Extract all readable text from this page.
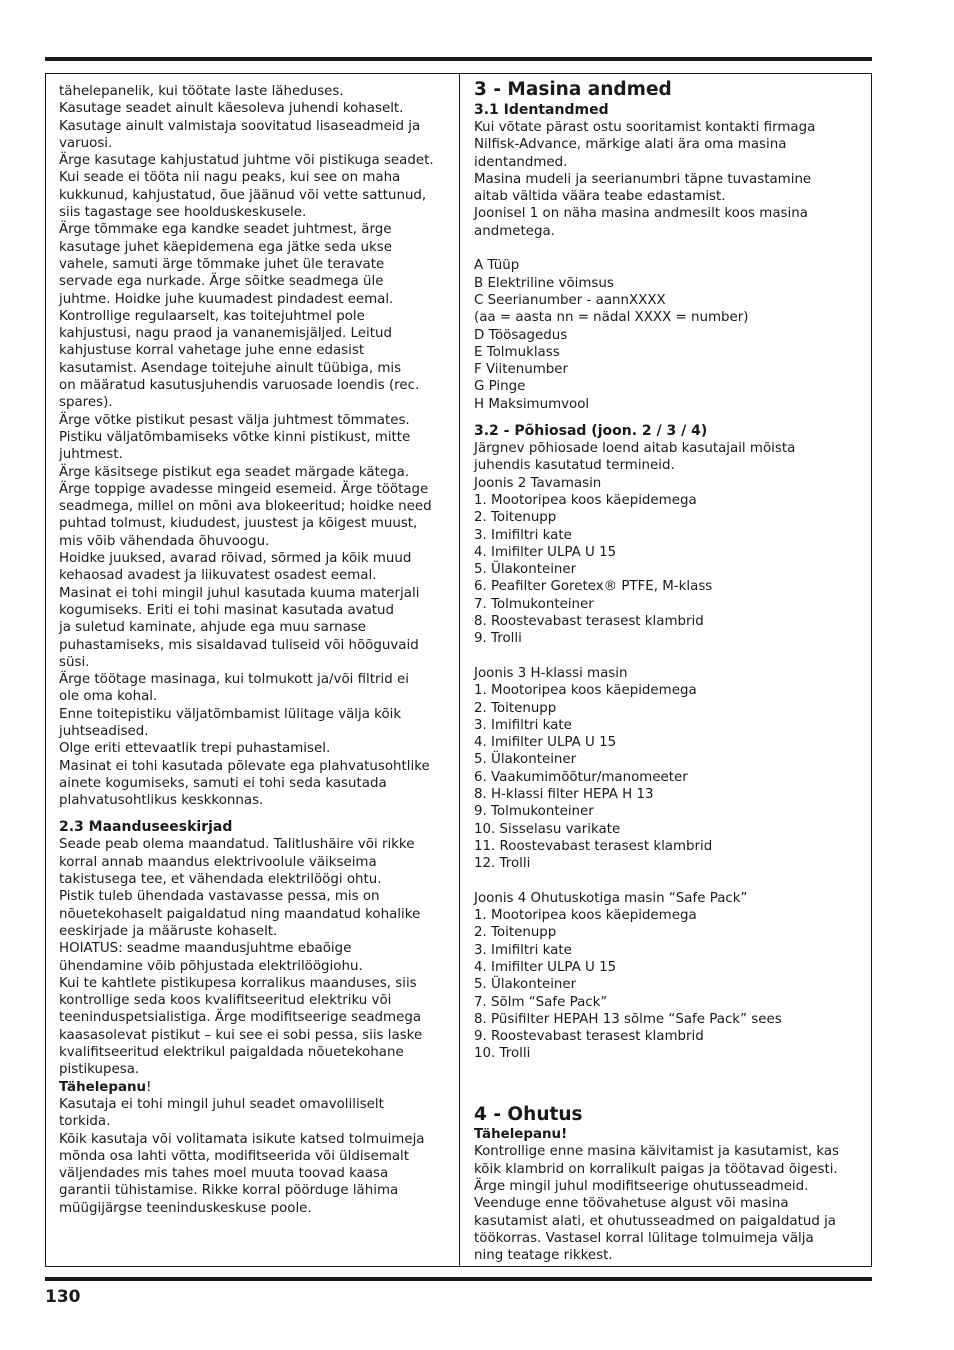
tähelepanelik, kui töötate laste läheduses.
Kasutage seadet ainult käesoleva juhendi kohaselt.
Kasutage ainult valmistaja soovitatud lisaseadmeid ja
varuosi.
Ärge kasutage kahjustatud juhtme või pistikuga seadet.
Kui seade ei tööta nii nagu peaks, kui see on maha
kukkunud, kahjustatud, õue jäänud või vette sattunud,
siis tagastage see hoolduskeskusele.
Ärge tõmmake ega kandke seadet juhtmest, ärge
kasutage juhet käepidemena ega jätke seda ukse
vahele, samuti ärge tõmmake juhet üle teravate
servade ega nurkade. Ärge sõitke seadmega üle
juhtme. Hoidke juhe kuumadest pindadest eemal.
Kontrollige regulaarselt, kas toitejuhtmel pole
kahjustusi, nagu praod ja vananemisjäljed. Leitud
kahjustuse korral vahetage juhe enne edasist
kasutamist. Asendage toitejuhe ainult tüübiga, mis
on määratud kasutusjuhendis varuosade loendis (rec.
spares).
Ärge võtke pistikut pesast välja juhtmest tõmmates.
Pistiku väljatõmbamiseks võtke kinni pistikust, mitte
juhtmest.
Ärge käsitsege pistikut ega seadet märgade kätega.
Ärge toppige avadesse mingeid esemeid. Ärge töötage
seadmega, millel on mõni ava blokeeritud; hoidke need
puhtad tolmust, kiududest, juustest ja kõigest muust,
mis võib vähendada õhuvoogu.
Hoidke juuksed, avarad rõivad, sõrmed ja kõik muud
kehaosad avadest ja liikuvatest osadest eemal.
Masinat ei tohi mingil juhul kasutada kuuma materjali
kogumiseks. Eriti ei tohi masinat kasutada avatud
ja suletud kaminate, ahjude ega muu sarnase
puhastamiseks, mis sisaldavad tuliseid või hõõguvaid
süsi.
Ärge töötage masinaga, kui tolmukott ja/või filtrid ei
ole oma kohal.
Enne toitepistiku väljatõmbamist lülitage välja kõik
juhtseadised.
Olge eriti ettevaatlik trepi puhastamisel.
Masinat ei tohi kasutada põlevate ega plahvatusohtlike
ainete kogumiseks, samuti ei tohi seda kasutada
plahvatusohtlikus keskkonnas.
2.3 Maanduseeskirjad
Seade peab olema maandatud. Talitlushäire või rikke
korral annab maandus elektrivoolule väikseima
takistusega tee, et vähendada elektrilöögi ohtu.
Pistik tuleb ühendada vastavasse pessa, mis on
nõuetekohaselt paigaldatud ning maandatud kohalike
eeskirjade ja määruste kohaselt.
HOIATUS: seadme maandusjuhtme ebaõige
ühendamine võib põhjustada elektrilöögiohu.
Kui te kahtlete pistikupesa korralikus maanduses, siis
kontrollige seda koos kvalifitseeritud elektriku või
teeninduspetsialistiga. Ärge modifitseerige seadmega
kaasasolevat pistikut – kui see ei sobi pessa, siis laske
kvalifitseeritud elektrikul paigaldada nõuetekohane
pistikupesa.
Tähelepanu!
Kasutaja ei tohi mingil juhul seadet omavoliliselt
torkida.
Kõik kasutaja või volitamata isikute katsed tolmuimeja
mõnda osa lahti võtta, modifitseerida või üldisemalt
väljendades mis tahes moel muuta toovad kaasa
garantii tühistamise. Rikke korral pöörduge lähima
müügijärgse teeninduskeskuse poole.
3 - Masina andmed
3.1 Identandmed
Kui võtate pärast ostu sooritamist kontakti firmaga
Nilfisk-Advance, märkige alati ära oma masina
identandmed.
Masina mudeli ja seerianumbri täpne tuvastamine
aitab vältida väära teabe edastamist.
Joonisel 1 on näha masina andmesilt koos masina
andmetega.
A Tüüp
B Elektriline võimsus
C Seerianumber - aannXXXX
(aa = aasta nn = nädal XXXX = number)
D Töösagedus
E Tolmuklass
F Viitenumber
G Pinge
H Maksimumvool
3.2 - Põhiosad (joon. 2 / 3 / 4)
Järgnev põhiosade loend aitab kasutajail mõista
juhendis kasutatud termineid.
Joonis 2 Tavamasin
1. Mootoripea koos käepidemega
2. Toitenupp
3. Imifiltri kate
4. Imifilter ULPA U 15
5. Ülakonteiner
6. Peafilter Goretex® PTFE, M-klass
7. Tolmukonteiner
8. Roostevabast terasest klambrid
9. Trolli
Joonis 3 H-klassi masin
1. Mootoripea koos käepidemega
2. Toitenupp
3. Imifiltri kate
4. Imifilter ULPA U 15
5. Ülakonteiner
6. Vaakumimõõtur/manomeeter
8. H-klassi filter HEPA H 13
9. Tolmukonteiner
10. Sisselasu varikate
11. Roostevabast terasest klambrid
12. Trolli
Joonis 4 Ohutuskotiga masin “Safe Pack”
1. Mootoripea koos käepidemega
2. Toitenupp
3. Imifiltri kate
4. Imifilter ULPA U 15
5. Ülakonteiner
7. Sõlm “Safe Pack”
8. Püsifilter HEPAH 13 sõlme “Safe Pack” sees
9. Roostevabast terasest klambrid
10. Trolli
4 - Ohutus
Tähelepanu!
Kontrollige enne masina käivitamist ja kasutamist, kas
kõik klambrid on korralikult paigas ja töötavad õigesti.
Ärge mingil juhul modifitseerige ohutusseadmeid.
Veenduge enne töövahetuse algust või masina
kasutamist alati, et ohutusseadmed on paigaldatud ja
töökorras. Vastasel korral lülitage tolmuimeja välja
ning teatage rikkest.
130
